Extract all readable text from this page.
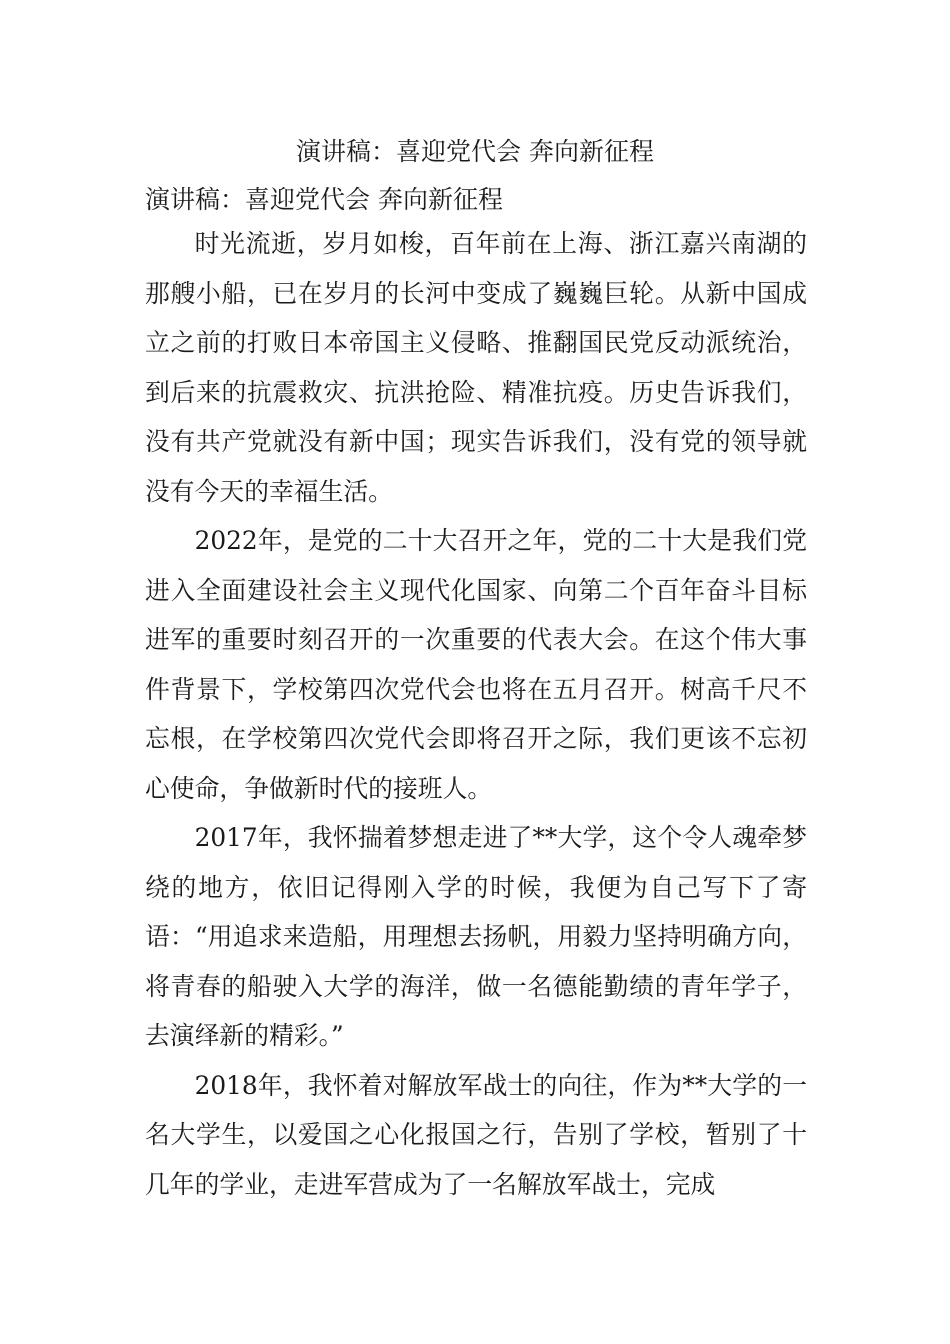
演讲稿：喜迎党代会 奔向新征程

演讲稿：喜迎党代会 奔向新征程

时光流逝，岁月如梭，百年前在上海、浙江嘉兴南湖的那艘小船，已在岁月的长河中变成了巍巍巨轮。从新中国成立之前的打败日本帝国主义侵略、推翻国民党反动派统治，到后来的抗震救灾、抗洪抢险、精准抗疫。历史告诉我们，没有共产党就没有新中国；现实告诉我们，没有党的领导就没有今天的幸福生活。

2022年，是党的二十大召开之年，党的二十大是我们党进入全面建设社会主义现代化国家、向第二个百年奋斗目标进军的重要时刻召开的一次重要的代表大会。在这个伟大事件背景下，学校第四次党代会也将在五月召开。树高千尺不忘根，在学校第四次党代会即将召开之际，我们更该不忘初心使命，争做新时代的接班人。

2017年，我怀揣着梦想走进了**大学，这个令人魂牵梦绕的地方，依旧记得刚入学的时候，我便为自己写下了寄语：“用追求来造船，用理想去扬帆，用毅力坚持明确方向，将青春的船驶入大学的海洋，做一名德能勤绩的青年学子，去演绎新的精彩。”

2018年，我怀着对解放军战士的向往，作为**大学的一名大学生，以爱国之心化报国之行，告别了学校，暂别了十几年的学业，走进军营成为了一名解放军战士，完成
